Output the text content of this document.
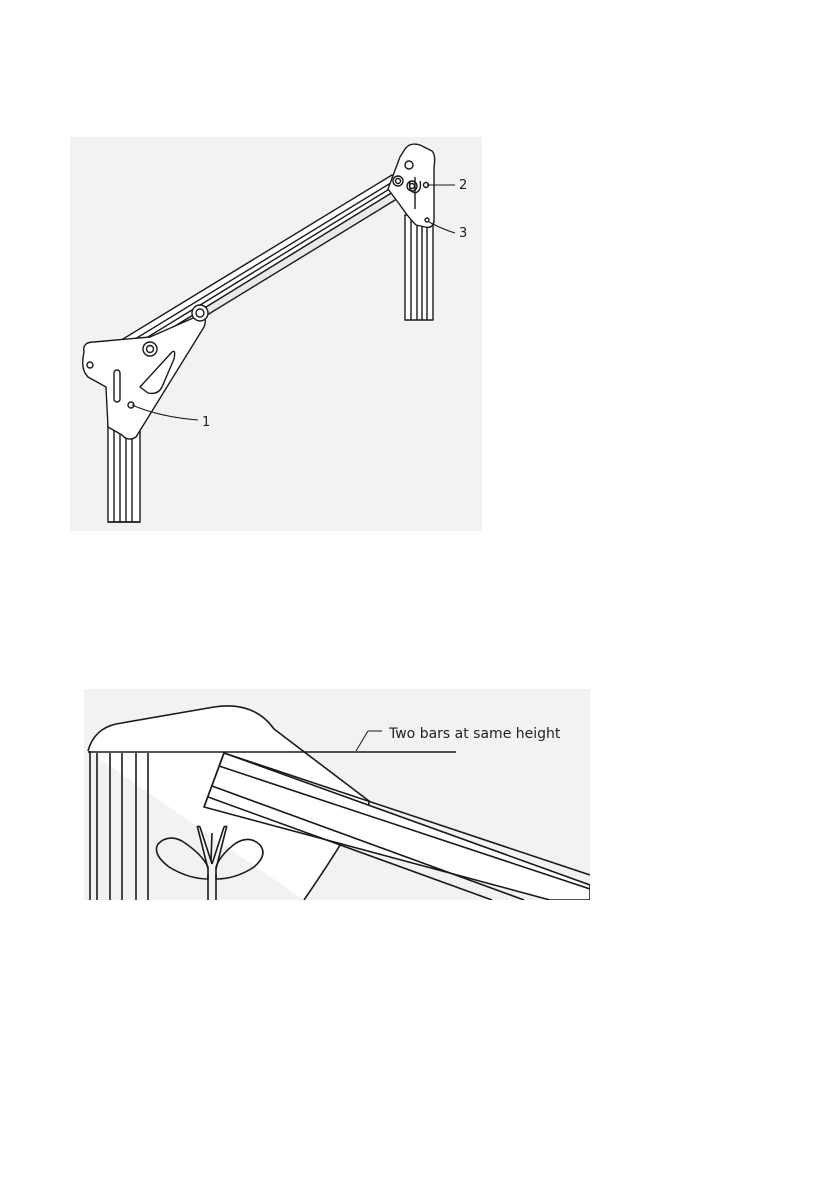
1
2
3
Two bars at same height
